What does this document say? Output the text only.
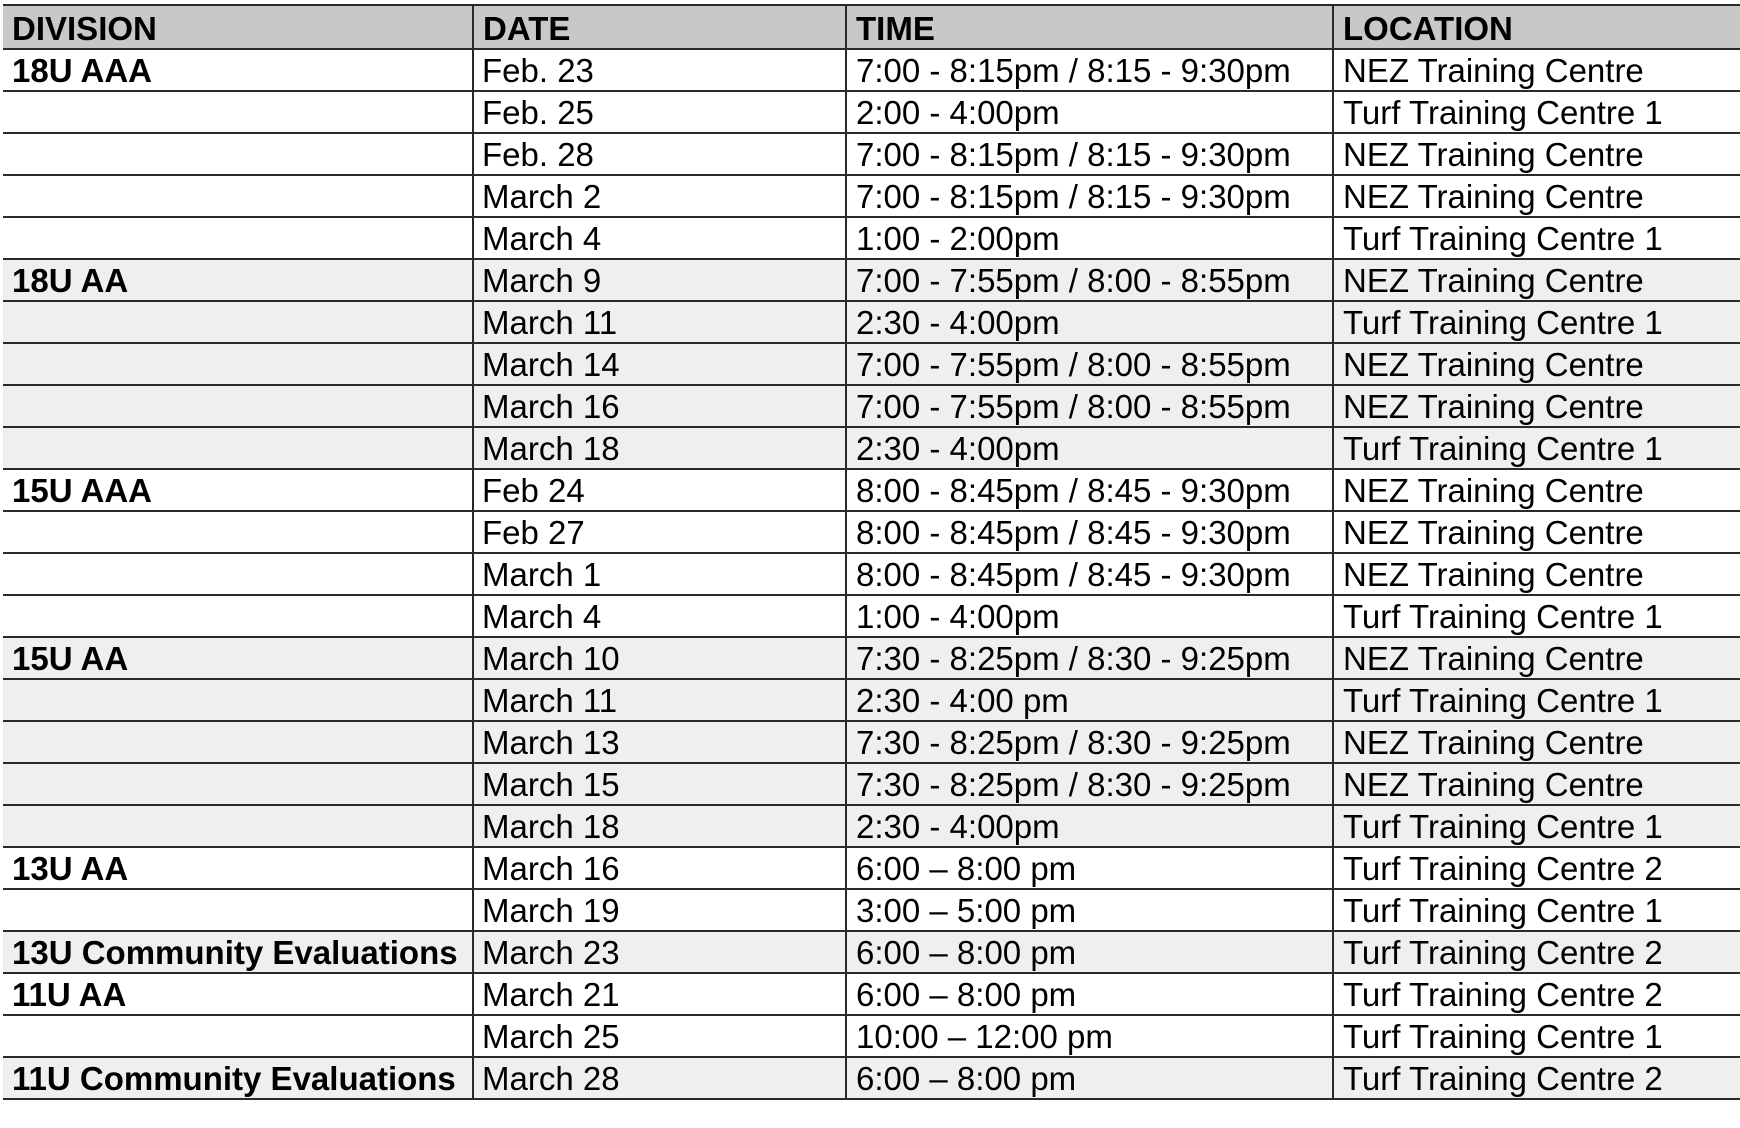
DIVISION	DATE	TIME	LOCATION
18U AAA	Feb. 23	7:00 - 8:15pm / 8:15 - 9:30pm	NEZ Training Centre
	Feb. 25	2:00 - 4:00pm	Turf Training Centre 1
	Feb. 28	7:00 - 8:15pm / 8:15 - 9:30pm	NEZ Training Centre
	March 2	7:00 - 8:15pm / 8:15 - 9:30pm	NEZ Training Centre
	March 4	1:00 - 2:00pm	Turf Training Centre 1
18U AA	March 9	7:00 - 7:55pm / 8:00 - 8:55pm	NEZ Training Centre
	March 11	2:30 - 4:00pm	Turf Training Centre 1
	March 14	7:00 - 7:55pm / 8:00 - 8:55pm	NEZ Training Centre
	March 16	7:00 - 7:55pm / 8:00 - 8:55pm	NEZ Training Centre
	March 18	2:30 - 4:00pm	Turf Training Centre 1
15U AAA	Feb 24	8:00 - 8:45pm / 8:45 - 9:30pm	NEZ Training Centre
	Feb 27	8:00 - 8:45pm / 8:45 - 9:30pm	NEZ Training Centre
	March 1	8:00 - 8:45pm / 8:45 - 9:30pm	NEZ Training Centre
	March 4	1:00 - 4:00pm	Turf Training Centre 1
15U AA	March 10	7:30 - 8:25pm / 8:30 - 9:25pm	NEZ Training Centre
	March 11	2:30 - 4:00 pm	Turf Training Centre 1
	March 13	7:30 - 8:25pm / 8:30 - 9:25pm	NEZ Training Centre
	March 15	7:30 - 8:25pm / 8:30 - 9:25pm	NEZ Training Centre
	March 18	2:30 - 4:00pm	Turf Training Centre 1
13U AA	March 16	6:00 – 8:00 pm	Turf Training Centre 2
	March 19	3:00 – 5:00 pm	Turf Training Centre 1
13U Community Evaluations	March 23	6:00 – 8:00 pm	Turf Training Centre 2
11U AA	March 21	6:00 – 8:00 pm	Turf Training Centre 2
	March 25	10:00 – 12:00 pm	Turf Training Centre 1
11U Community Evaluations	March 28	6:00 – 8:00 pm	Turf Training Centre 2
